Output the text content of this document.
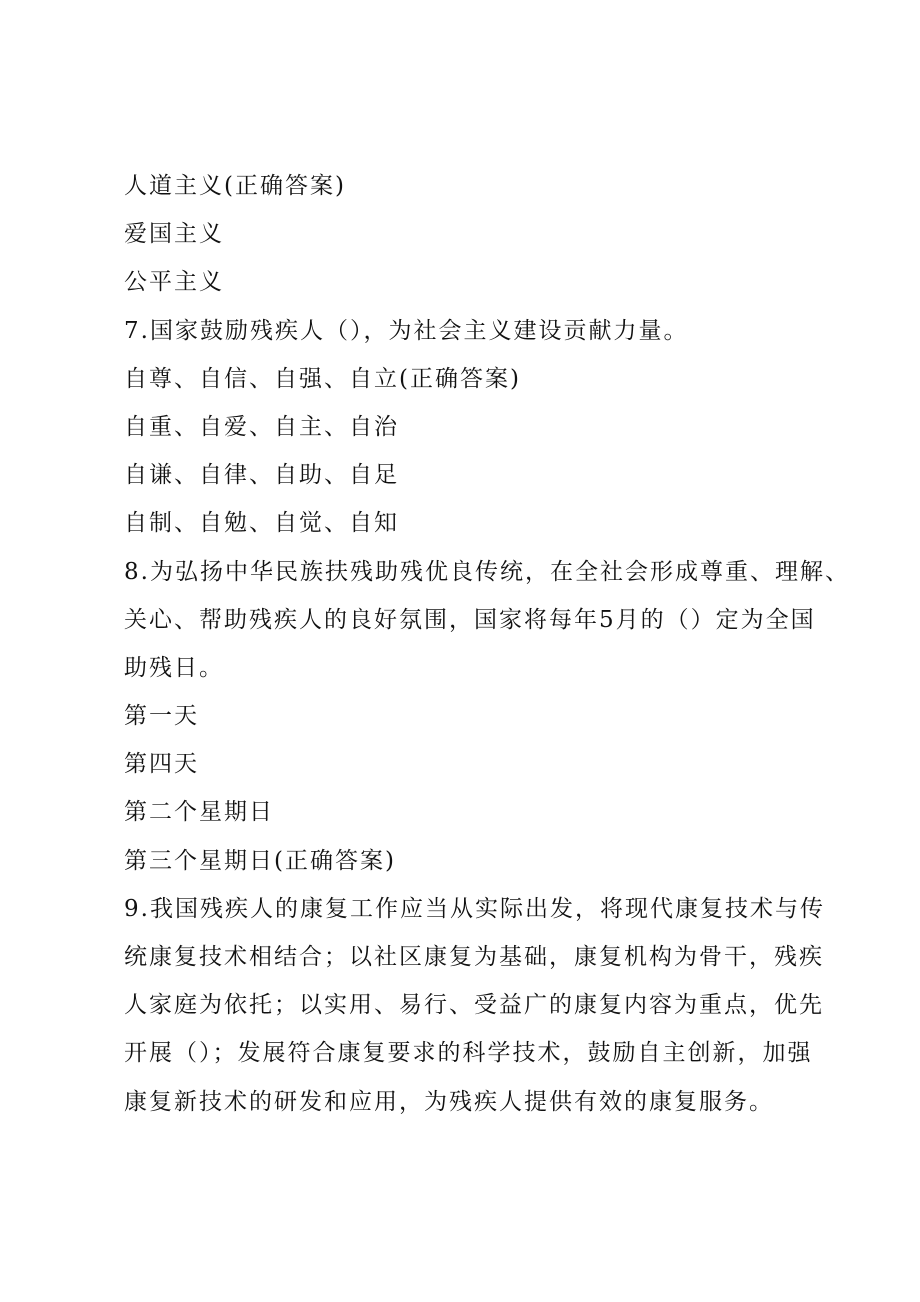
人道主义(正确答案)
爱国主义
公平主义
7.国家鼓励残疾人（），为社会主义建设贡献力量。
自尊、自信、自强、自立(正确答案)
自重、自爱、自主、自治
自谦、自律、自助、自足
自制、自勉、自觉、自知
8.为弘扬中华民族扶残助残优良传统，在全社会形成尊重、理解、
关心、帮助残疾人的良好氛围，国家将每年5月的（）定为全国
助残日。
第一天
第四天
第二个星期日
第三个星期日(正确答案)
9.我国残疾人的康复工作应当从实际出发，将现代康复技术与传
统康复技术相结合；以社区康复为基础，康复机构为骨干，残疾
人家庭为依托；以实用、易行、受益广的康复内容为重点，优先
开展（）；发展符合康复要求的科学技术，鼓励自主创新，加强
康复新技术的研发和应用，为残疾人提供有效的康复服务。
